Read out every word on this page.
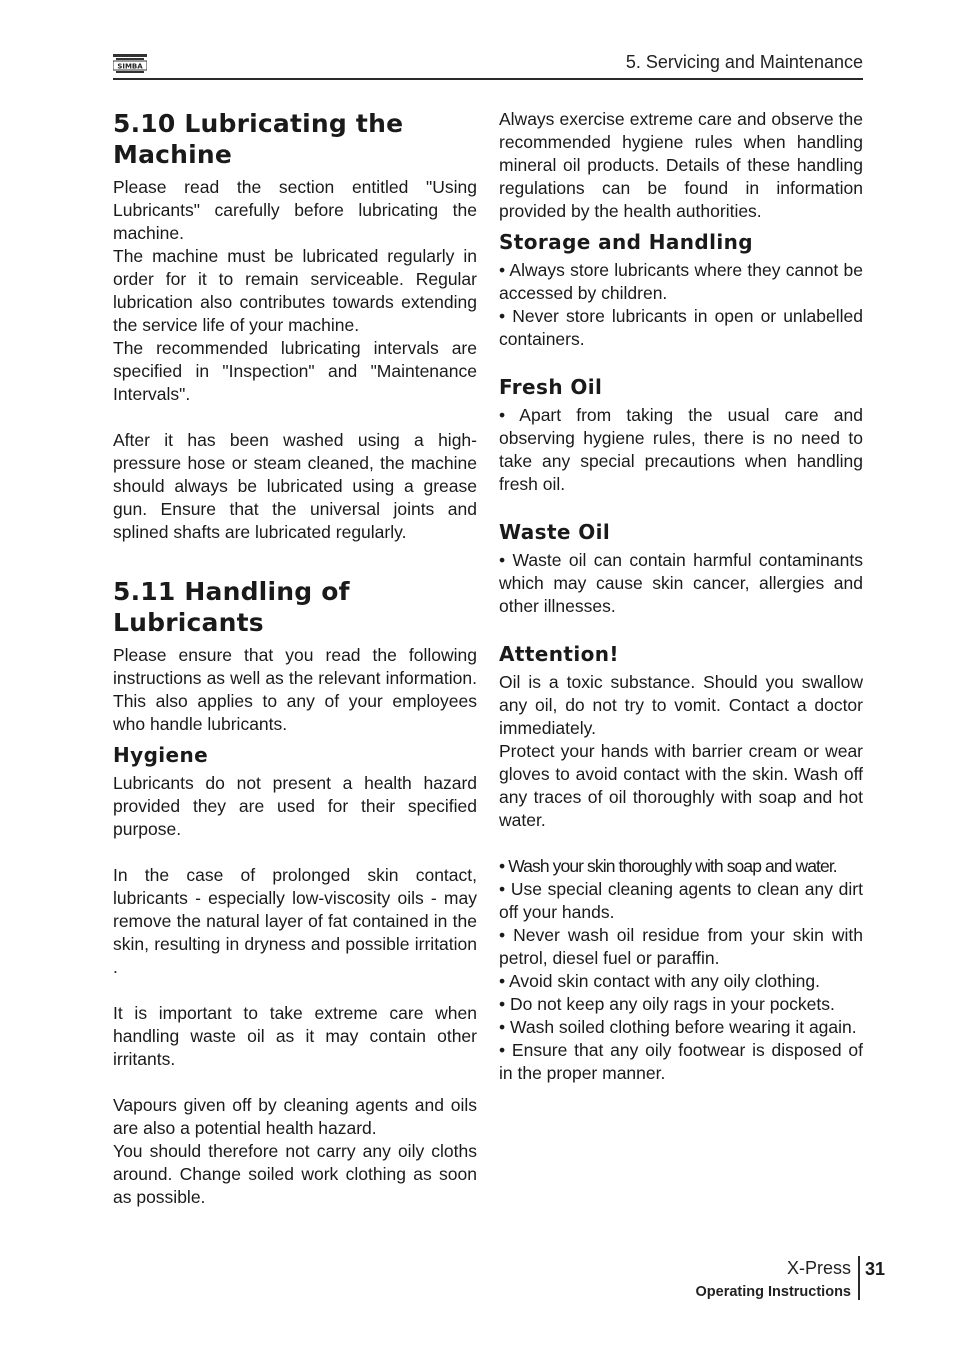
SIMBA	5. Servicing and Maintenance
5.10 Lubricating the Machine

Please read the section entitled "Using Lubricants" carefully before lubricating the machine.

The machine must be lubricated regularly in order for it to remain serviceable. Regular lubrication also contributes towards extending the service life of your machine.

The recommended lubricating intervals are specified in "Inspection" and "Maintenance Intervals".

After it has been washed using a high-pressure hose or steam cleaned, the machine should always be lubricated using a grease gun. Ensure that the universal joints and splined shafts are lubricated regularly.

5.11 Handling of Lubricants

Please ensure that you read the following instructions as well as the relevant information. This also applies to any of your employees who handle lubricants.

Hygiene

Lubricants do not present a health hazard provided they are used for their specified purpose.

In the case of prolonged skin contact, lubricants - especially low-viscosity oils - may remove the natural layer of fat contained in the skin, resulting in dryness and possible irritation .

It is important to take extreme care when handling waste oil as it may contain other irritants.

Vapours given off by cleaning agents and oils are also a potential health hazard.

You should therefore not carry any oily cloths around. Change soiled work clothing as soon as possible.

Always exercise extreme care and observe the recommended hygiene rules when handling mineral oil products. Details of these handling regulations can be found in information provided by the health authorities.

Storage and Handling

• Always store lubricants where they cannot be accessed by children.

• Never store lubricants in open or unlabelled containers.

Fresh Oil

• Apart from taking the usual care and observing hygiene rules, there is no need to take any special precautions when handling fresh oil.

Waste Oil

• Waste oil can contain harmful contaminants which may cause skin cancer, allergies and other illnesses.

Attention!

Oil is a toxic substance. Should you swallow any oil, do not try to vomit. Contact a doctor immediately.

Protect your hands with barrier cream or wear gloves to avoid contact with the skin. Wash off any traces of oil thoroughly with soap and hot water.

• Wash your skin thoroughly with soap and water.

• Use special cleaning agents to clean any dirt off your hands.

• Never wash oil residue from your skin with petrol, diesel fuel or paraffin.

• Avoid skin contact with any oily clothing.

• Do not keep any oily rags in your pockets.

• Wash soiled clothing before wearing it again.

• Ensure that any oily footwear is disposed of in the proper manner.

X-Press
Operating Instructions
31
